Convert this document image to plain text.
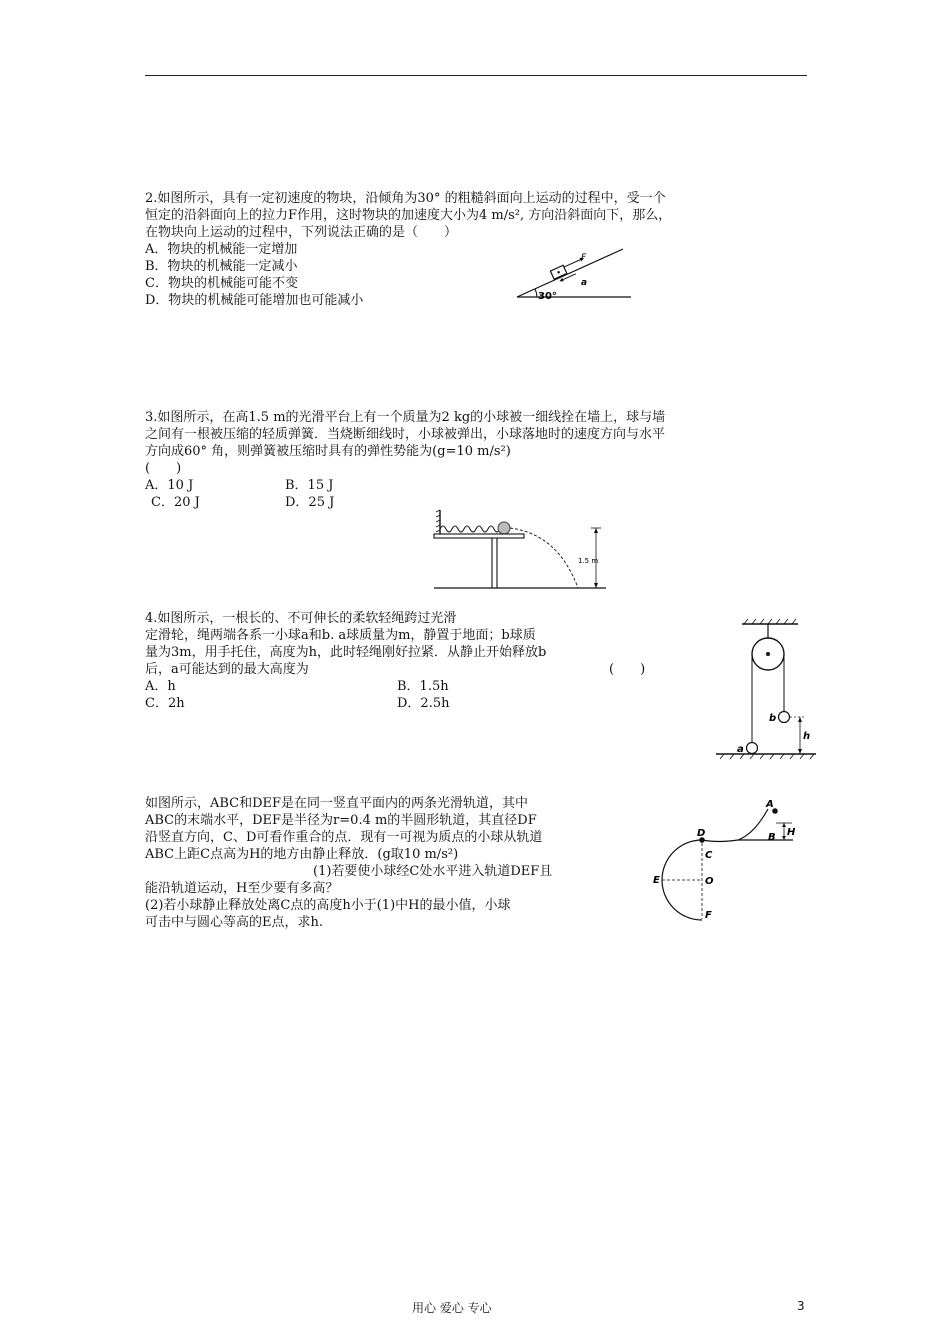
2.如图所示，具有一定初速度的物块，沿倾角为30° 的粗糙斜面向上运动的过程中，受一个

恒定的沿斜面向上的拉力F作用，这时物块的加速度大小为4 m/s², 方向沿斜面向下，那么，

在物块向上运动的过程中，下列说法正确的是（　　）

A．物块的机械能一定增加

B．物块的机械能一定减小

C．物块的机械能可能不变

D．物块的机械能可能增加也可能减小	30°
F
a

3.如图所示，在高1.5 m的光滑平台上有一个质量为2 kg的小球被一细线拴在墙上，球与墙

之间有一根被压缩的轻质弹簧．当烧断细线时，小球被弹出，小球落地时的速度方向与水平

方向成60° 角，则弹簧被压缩时具有的弹性势能为(g=10 m/s²)

(　　)

A．10 J	B．15 J
C．20 J	D．25 J
1.5 m

4.如图所示，一根长的、不可伸长的柔软轻绳跨过光滑

定滑轮，绳两端各系一小球a和b. a球质量为m，静置于地面；b球质

量为3m，用手托住，高度为h，此时轻绳刚好拉紧．从静止开始释放b

后，a可能达到的最大高度为	(　　)
A．h	B．1.5h
C．2h	D．2.5h
b
a
h

如图所示，ABC和DEF是在同一竖直平面内的两条光滑轨道，其中

ABC的末端水平，DEF是半径为r=0.4 m的半圆形轨道，其直径DF

沿竖直方向，C、D可看作重合的点．现有一可视为质点的小球从轨道

ABC上距C点高为H的地方由静止释放．(g取10 m/s²)

(1)若要使小球经C处水平进入轨道DEF且

能沿轨道运动，H至少要有多高？

(2)若小球静止释放处离C点的高度h小于(1)中H的最小值，小球

可击中与圆心等高的E点，求h.

A
B H
D
C
E	O
F
用心 爱心 专心	3
